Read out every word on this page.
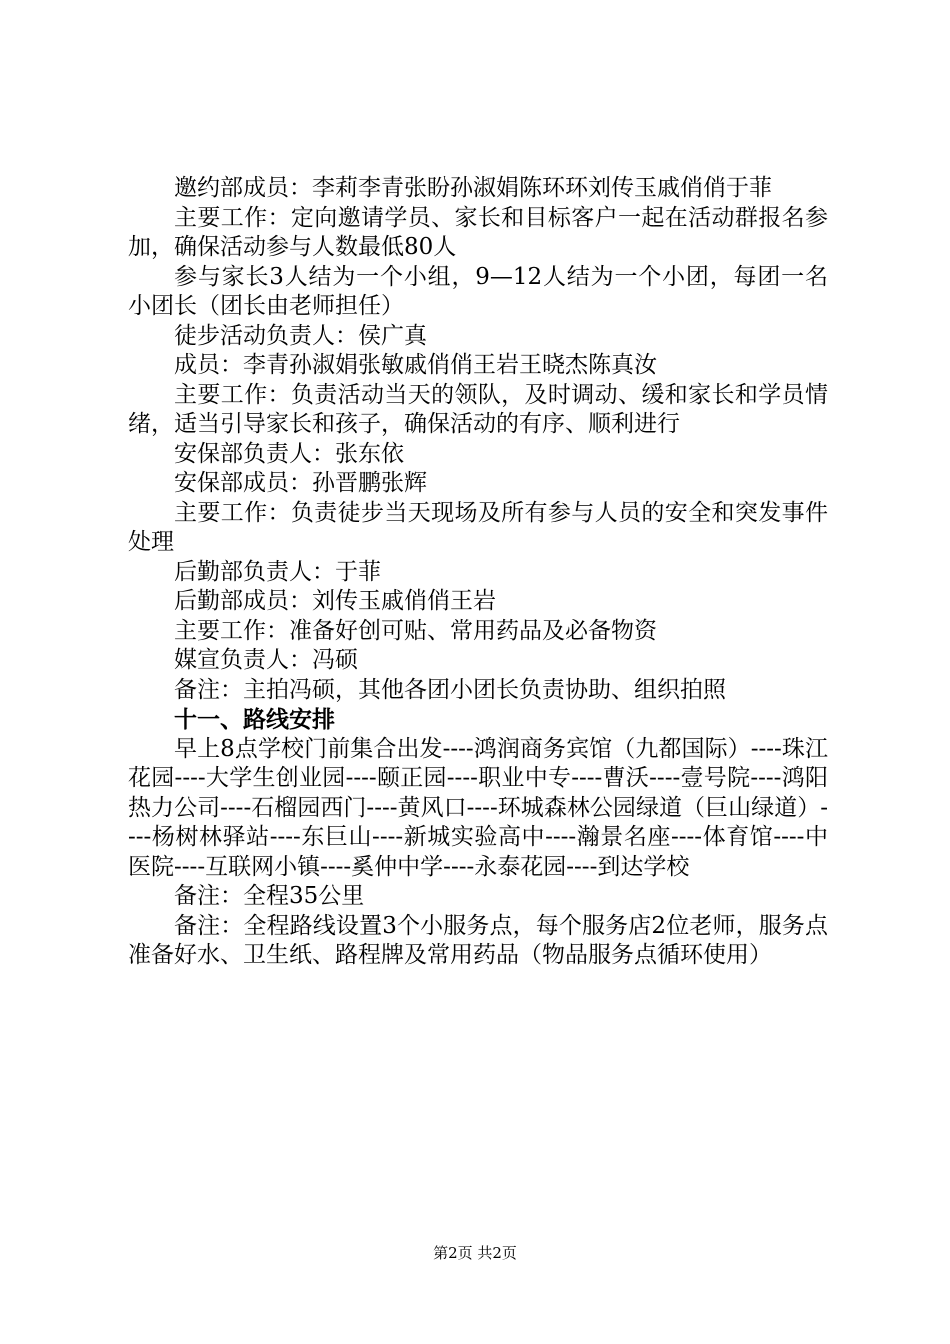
邀约部成员：李莉李青张盼孙淑娟陈环环刘传玉戚俏俏于菲

主要工作：定向邀请学员、家长和目标客户一起在活动群报名参加，确保活动参与人数最低80人

参与家长3人结为一个小组，9—12人结为一个小团，每团一名小团长（团长由老师担任）

徒步活动负责人：侯广真

成员：李青孙淑娟张敏戚俏俏王岩王晓杰陈真汝

主要工作：负责活动当天的领队，及时调动、缓和家长和学员情绪，适当引导家长和孩子，确保活动的有序、顺利进行

安保部负责人：张东依

安保部成员：孙晋鹏张辉

主要工作：负责徒步当天现场及所有参与人员的安全和突发事件处理

后勤部负责人：于菲

后勤部成员：刘传玉戚俏俏王岩

主要工作：准备好创可贴、常用药品及必备物资

媒宣负责人：冯硕

备注：主拍冯硕，其他各团小团长负责协助、组织拍照

十一、路线安排

早上8点学校门前集合出发----鸿润商务宾馆（九都国际）----珠江花园----大学生创业园----颐正园----职业中专----曹沃----壹号院----鸿阳热力公司----石榴园西门----黄风口----环城森林公园绿道（巨山绿道）----杨树林驿站----东巨山----新城实验高中----瀚景名座----体育馆----中医院----互联网小镇----奚仲中学----永泰花园----到达学校

备注：全程35公里

备注：全程路线设置3个小服务点，每个服务店2位老师，服务点准备好水、卫生纸、路程牌及常用药品（物品服务点循环使用）

第2页 共2页
